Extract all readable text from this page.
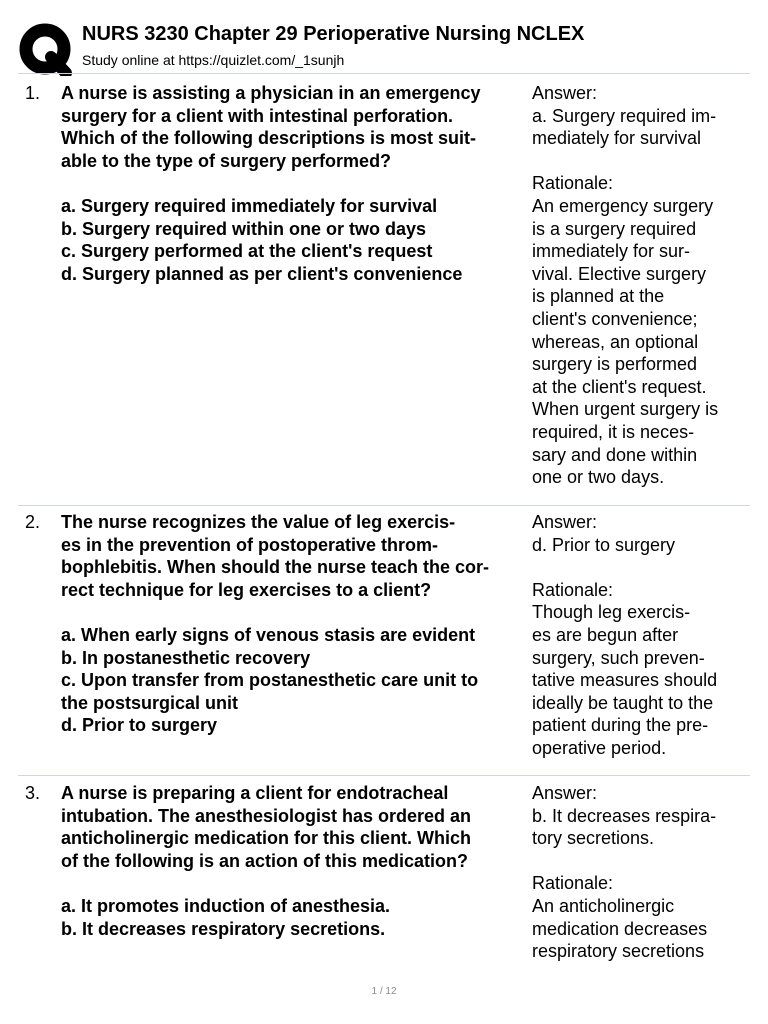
NURS 3230 Chapter 29 Perioperative Nursing NCLEX
Study online at https://quizlet.com/_1sunjh
1. A nurse is assisting a physician in an emergency
surgery for a client with intestinal perforation.
Which of the following descriptions is most suit-
able to the type of surgery performed?

a. Surgery required immediately for survival
b. Surgery required within one or two days
c. Surgery performed at the client's request
d. Surgery planned as per client's convenience
Answer:
a. Surgery required im-
mediately for survival

Rationale:
An emergency surgery
is a surgery required
immediately for sur-
vival. Elective surgery
is planned at the
client's convenience;
whereas, an optional
surgery is performed
at the client's request.
When urgent surgery is
required, it is neces-
sary and done within
one or two days.
2. The nurse recognizes the value of leg exercis-
es in the prevention of postoperative throm-
bophlebitis. When should the nurse teach the cor-
rect technique for leg exercises to a client?

a. When early signs of venous stasis are evident
b. In postanesthetic recovery
c. Upon transfer from postanesthetic care unit to
the postsurgical unit
d. Prior to surgery
Answer:
d. Prior to surgery

Rationale:
Though leg exercis-
es are begun after
surgery, such preven-
tative measures should
ideally be taught to the
patient during the pre-
operative period.
3. A nurse is preparing a client for endotracheal
intubation. The anesthesiologist has ordered an
anticholinergic medication for this client. Which
of the following is an action of this medication?

a. It promotes induction of anesthesia.
b. It decreases respiratory secretions.
Answer:
b. It decreases respira-
tory secretions.

Rationale:
An anticholinergic
medication decreases
respiratory secretions
1 / 12
